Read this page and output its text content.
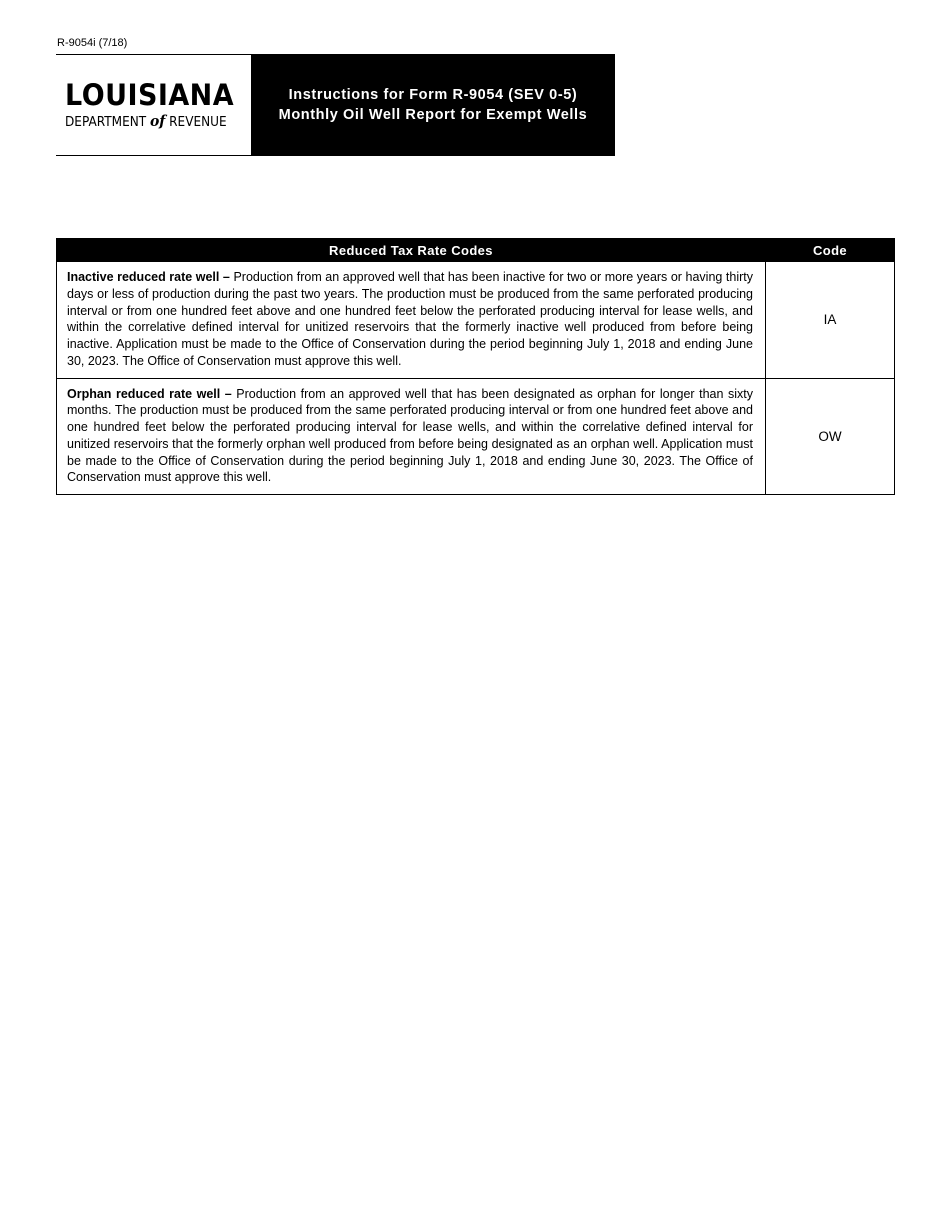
R-9054i (7/18)
LOUISIANA
DEPARTMENT of REVENUE
Instructions for Form R-9054 (SEV 0-5)
Monthly Oil Well Report for Exempt Wells
Reduced Tax Rate Codes	Code
Inactive reduced rate well – Production from an approved well that has been inactive for two or more years or having thirty days or less of production during the past two years. The production must be produced from the same perforated producing interval or from one hundred feet above and one hundred feet below the perforated producing interval for lease wells, and within the correlative defined interval for unitized reservoirs that the formerly inactive well produced from before being inactive. Application must be made to the Office of Conservation during the period beginning July 1, 2018 and ending June 30, 2023. The Office of Conservation must approve this well.	IA
Orphan reduced rate well – Production from an approved well that has been designated as orphan for longer than sixty months. The production must be produced from the same perforated producing interval or from one hundred feet above and one hundred feet below the perforated producing interval for lease wells, and within the correlative defined interval for unitized reservoirs that the formerly orphan well produced from before being designated as an orphan well. Application must be made to the Office of Conservation during the period beginning July 1, 2018 and ending June 30, 2023. The Office of Conservation must approve this well.	OW
